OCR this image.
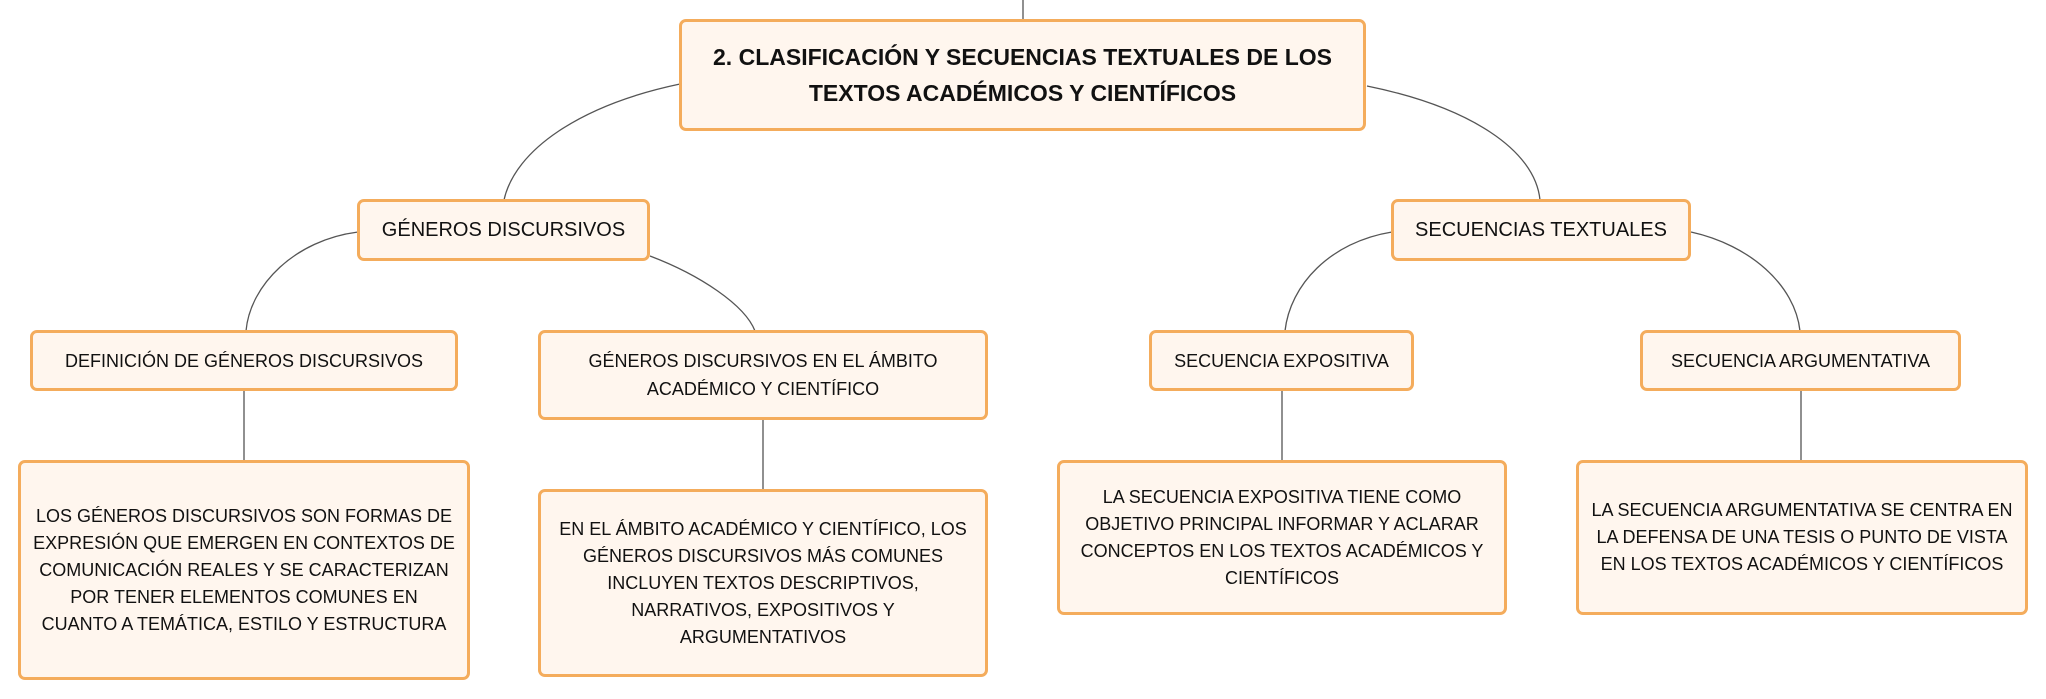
2. CLASIFICACIÓN Y SECUENCIAS TEXTUALES DE LOS TEXTOS ACADÉMICOS Y CIENTÍFICOS
GÉNEROS DISCURSIVOS	SECUENCIAS TEXTUALES
DEFINICIÓN DE GÉNEROS DISCURSIVOS	GÉNEROS DISCURSIVOS EN EL ÁMBITO ACADÉMICO Y CIENTÍFICO
SECUENCIA EXPOSITIVA	SECUENCIA ARGUMENTATIVA
LOS GÉNEROS DISCURSIVOS SON FORMAS DE EXPRESIÓN QUE EMERGEN EN CONTEXTOS DE COMUNICACIÓN REALES Y SE CARACTERIZAN POR TENER ELEMENTOS COMUNES EN CUANTO A TEMÁTICA, ESTILO Y ESTRUCTURA
EN EL ÁMBITO ACADÉMICO Y CIENTÍFICO, LOS GÉNEROS DISCURSIVOS MÁS COMUNES INCLUYEN TEXTOS DESCRIPTIVOS, NARRATIVOS, EXPOSITIVOS Y ARGUMENTATIVOS
LA SECUENCIA EXPOSITIVA TIENE COMO OBJETIVO PRINCIPAL INFORMAR Y ACLARAR CONCEPTOS EN LOS TEXTOS ACADÉMICOS Y CIENTÍFICOS
LA SECUENCIA ARGUMENTATIVA SE CENTRA EN LA DEFENSA DE UNA TESIS O PUNTO DE VISTA EN LOS TEXTOS ACADÉMICOS Y CIENTÍFICOS
